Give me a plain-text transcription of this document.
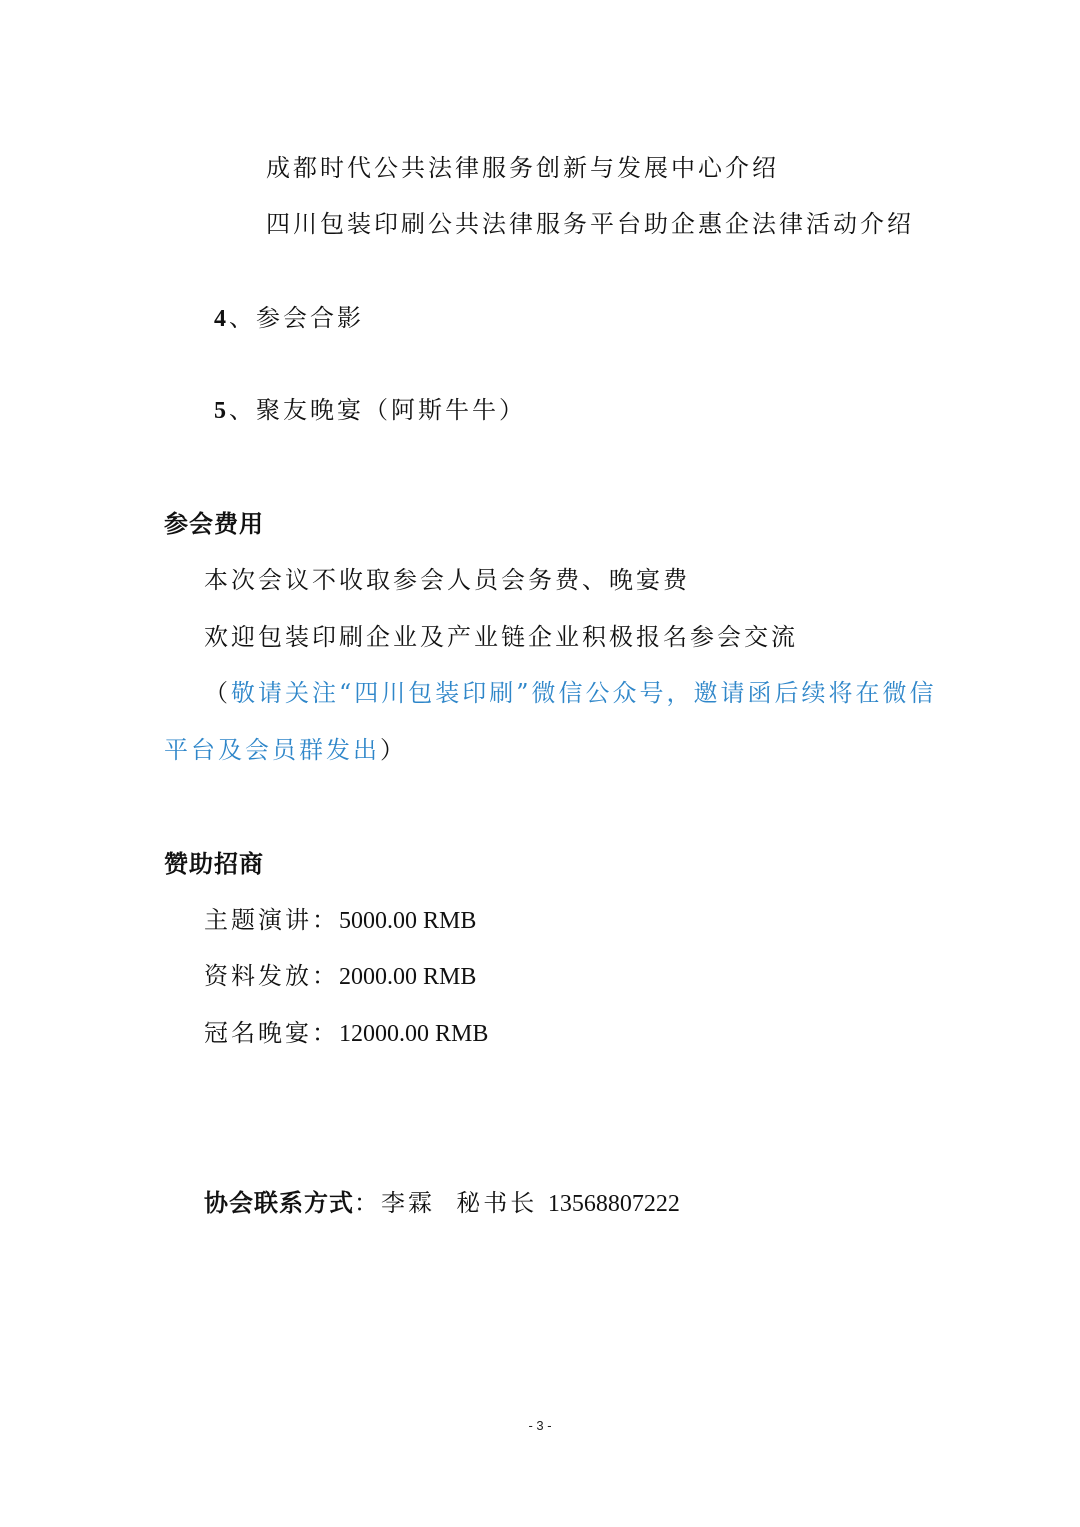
成都时代公共法律服务创新与发展中心介绍
四川包装印刷公共法律服务平台助企惠企法律活动介绍
4、参会合影
5、聚友晚宴（阿斯牛牛）
参会费用
本次会议不收取参会人员会务费、晚宴费
欢迎包装印刷企业及产业链企业积极报名参会交流
（敬请关注“四川包装印刷”微信公众号，邀请函后续将在微信
平台及会员群发出）
赞助招商
主题演讲：5000.00 RMB
资料发放：2000.00 RMB
冠名晚宴：12000.00 RMB
协会联系方式：李霖  秘书长 13568807222
- 3 -
